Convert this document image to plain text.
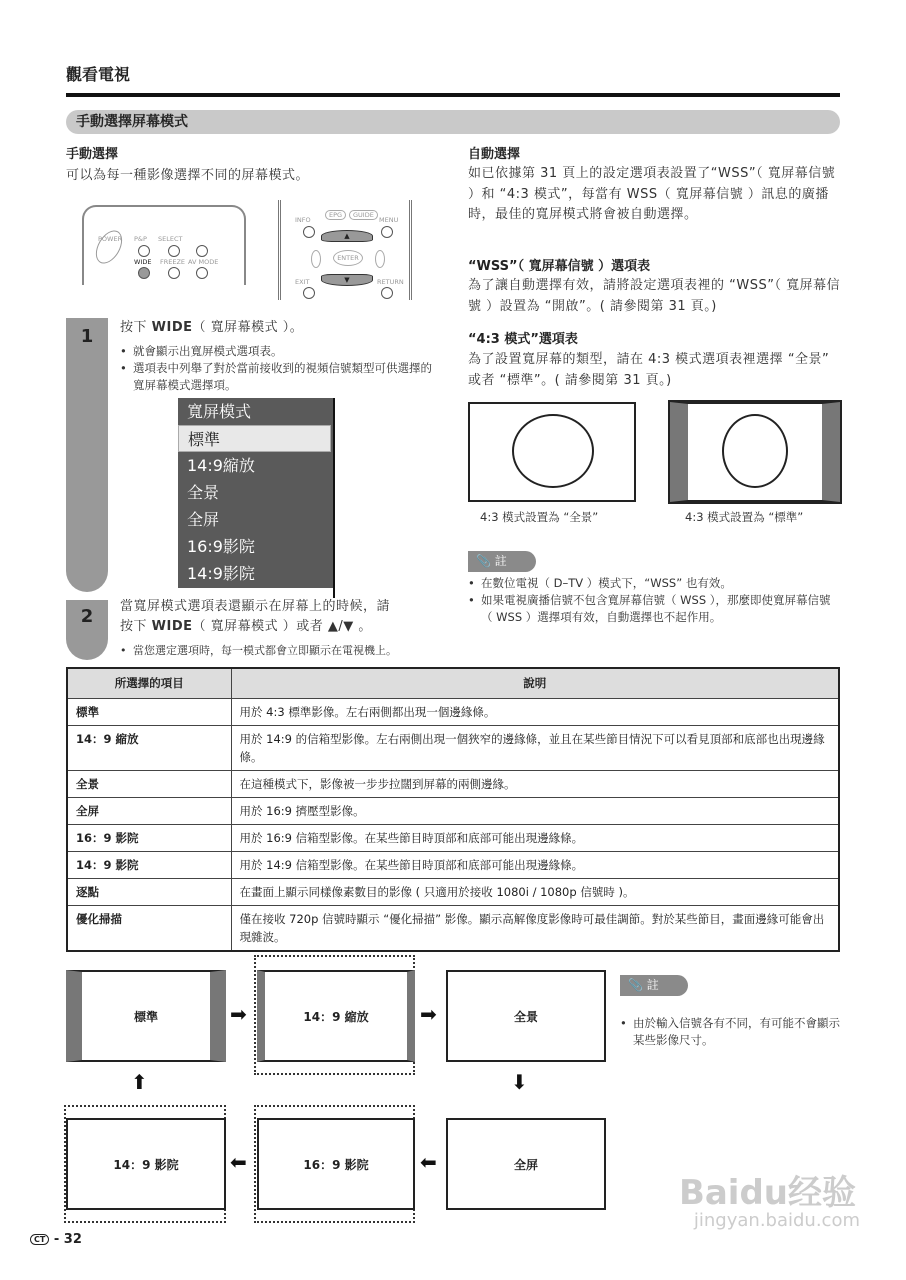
觀看電視
手動選擇屏幕模式
手動選擇
可以為每一種影像選擇不同的屏幕模式。
POWER P&P SELECT
WIDE FREEZE AV MODE
INFO
EPG	GUIDE
MENU
▲
ENTER
▼
EXIT	RETURN
1	按下 WIDE（ 寬屏幕模式 ）。
• 就會顯示出寬屏模式選項表。
• 選項表中列舉了對於當前接收到的視頻信號類型可供選擇的寬屏幕模式選擇項。
寬屏模式
標準
14:9縮放
全景
全屏
16:9影院
14:9影院
2	當寬屏模式選項表還顯示在屏幕上的時候，請
按下 WIDE（ 寬屏幕模式 ）或者 ▲/▼ 。
• 當您選定選項時，每一模式都會立即顯示在電視機上。
自動選擇
如已依據第 31 頁上的設定選項表設置了“WSS”（ 寬屏幕信號 ）和 “4:3 模式”，每當有 WSS（ 寬屏幕信號 ）訊息的廣播時，最佳的寬屏模式將會被自動選擇。
“WSS”（ 寬屏幕信號 ）選項表
為了讓自動選擇有效，請將設定選項表裡的 “WSS”（ 寬屏幕信號 ）設置為 “開啟”。( 請參閱第 31 頁。)
“4:3 模式”選項表
為了設置寬屏幕的類型，請在 4:3 模式選項表裡選擇 “全景” 或者 “標準”。( 請參閱第 31 頁。)
4:3 模式設置為 “全景”	4:3 模式設置為 “標準”
📎 註
• 在數位電視（ D–TV ）模式下，“WSS” 也有效。
• 如果電視廣播信號不包含寬屏幕信號（ WSS ），那麼即使寬屏幕信號（ WSS ）選擇項有效，自動選擇也不起作用。
所選擇的項目	說明
標準	用於 4:3 標準影像。左右兩側都出現一個邊緣條。
14：9 縮放	用於 14:9 的信箱型影像。左右兩側出現一個狹窄的邊緣條，並且在某些節目情況下可以看見頂部和底部也出現邊緣條。
全景	在這種模式下，影像被一步步拉闊到屏幕的兩側邊緣。
全屏	用於 16:9 擠壓型影像。
16：9 影院	用於 16:9 信箱型影像。在某些節目時頂部和底部可能出現邊緣條。
14：9 影院	用於 14:9 信箱型影像。在某些節目時頂部和底部可能出現邊緣條。
逐點	在畫面上顯示同樣像素數目的影像 ( 只適用於接收 1080i / 1080p 信號時 )。
優化掃描	僅在接收 720p 信號時顯示 “優化掃描” 影像。顯示高解像度影像時可最佳調節。對於某些節目，畫面邊緣可能會出現雜波。
標準	14：9 縮放	全景
➡	➡
⬆	⬇
14：9 影院	16：9 影院	全屏
⬅	⬅
📎 註
• 由於輸入信號各有不同，有可能不會顯示某些影像尺寸。
CT - 32
Baidu经验
jingyan.baidu.com
